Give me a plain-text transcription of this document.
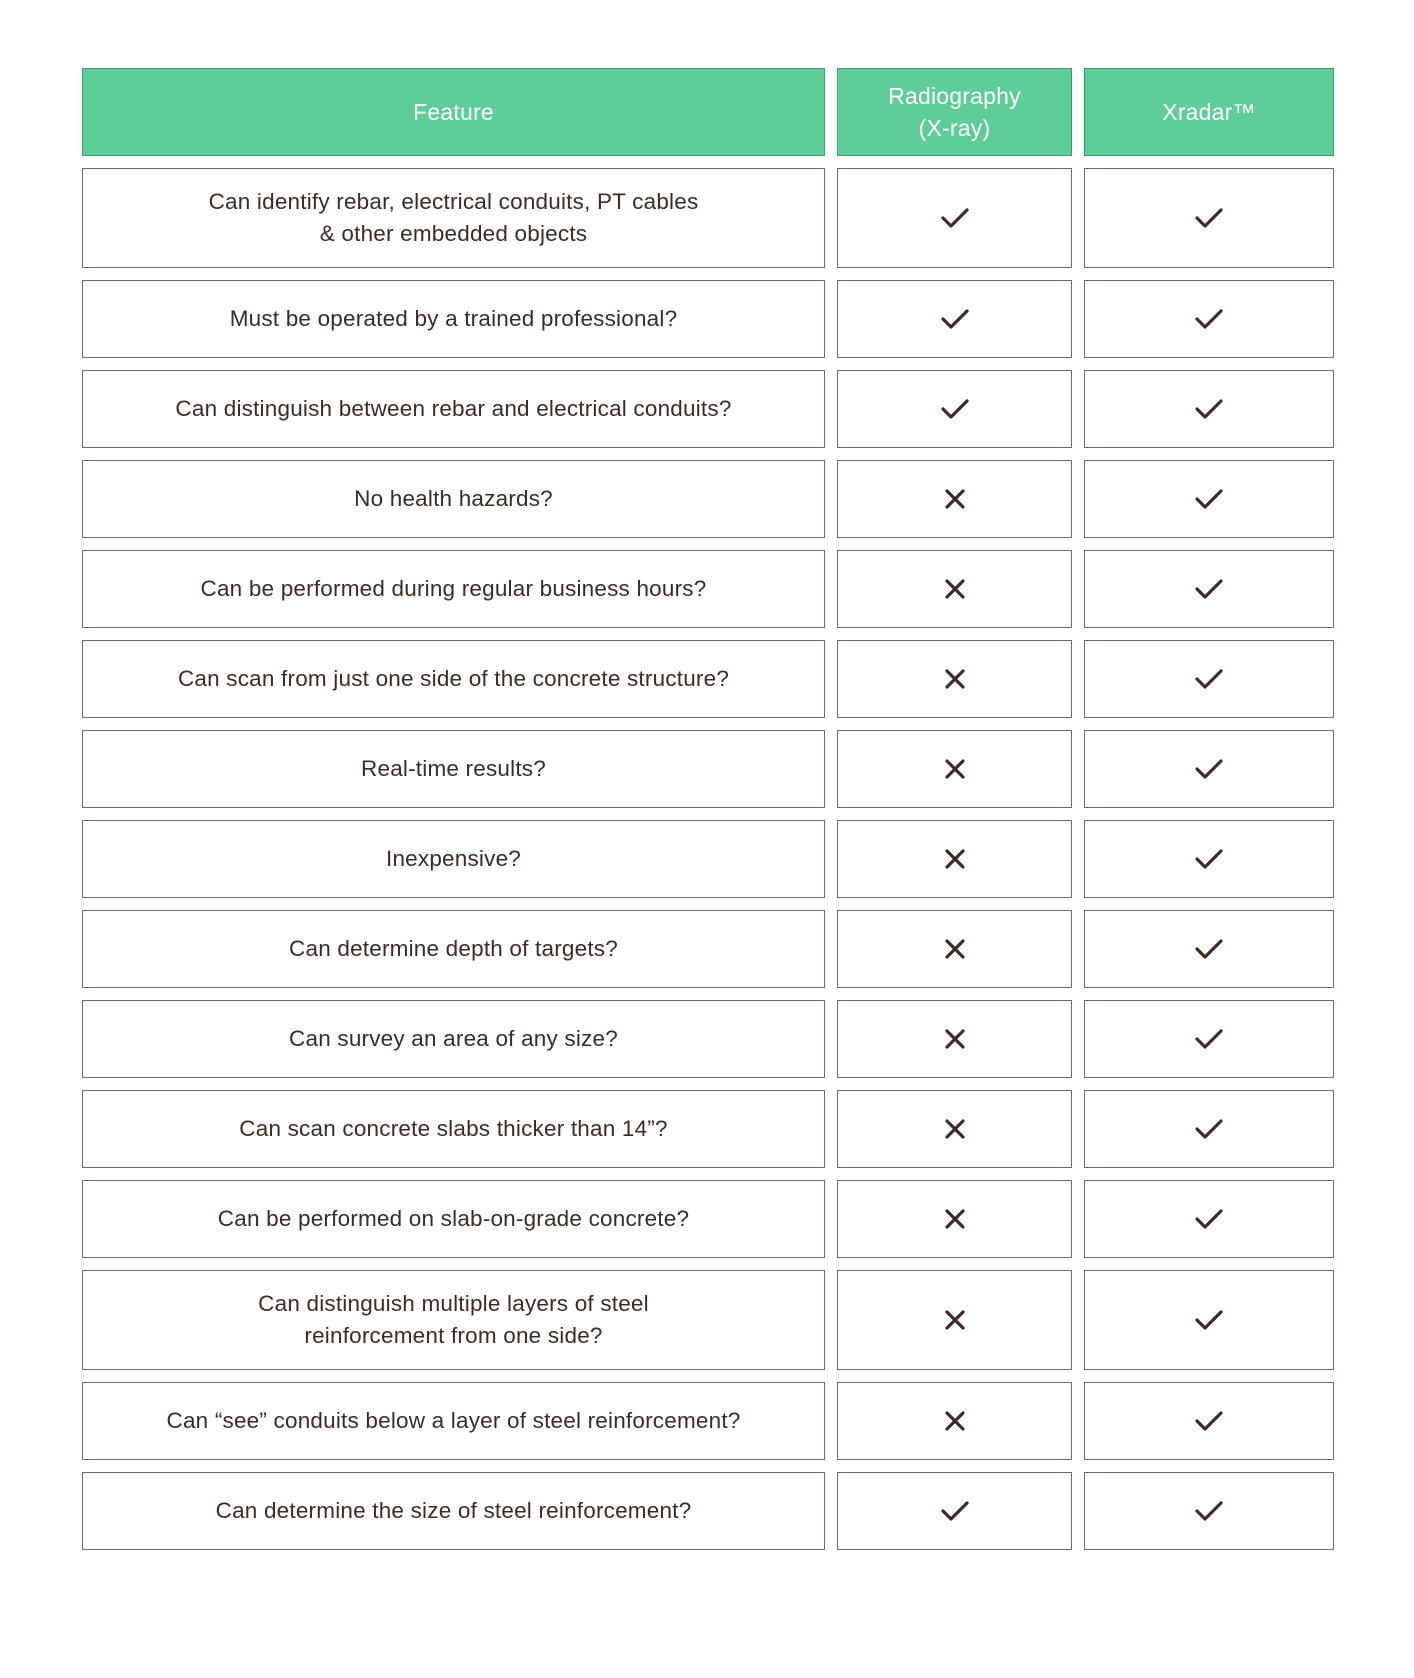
Feature
Radiography
(X-ray)
Xradar™
Can identify rebar, electrical conduits, PT cables
& other embedded objects
Must be operated by a trained professional?
Can distinguish between rebar and electrical conduits?
No health hazards?
Can be performed during regular business hours?
Can scan from just one side of the concrete structure?
Real-time results?
Inexpensive?
Can determine depth of targets?
Can survey an area of any size?
Can scan concrete slabs thicker than 14”?
Can be performed on slab-on-grade concrete?
Can distinguish multiple layers of steel
reinforcement from one side?
Can “see” conduits below a layer of steel reinforcement?
Can determine the size of steel reinforcement?
